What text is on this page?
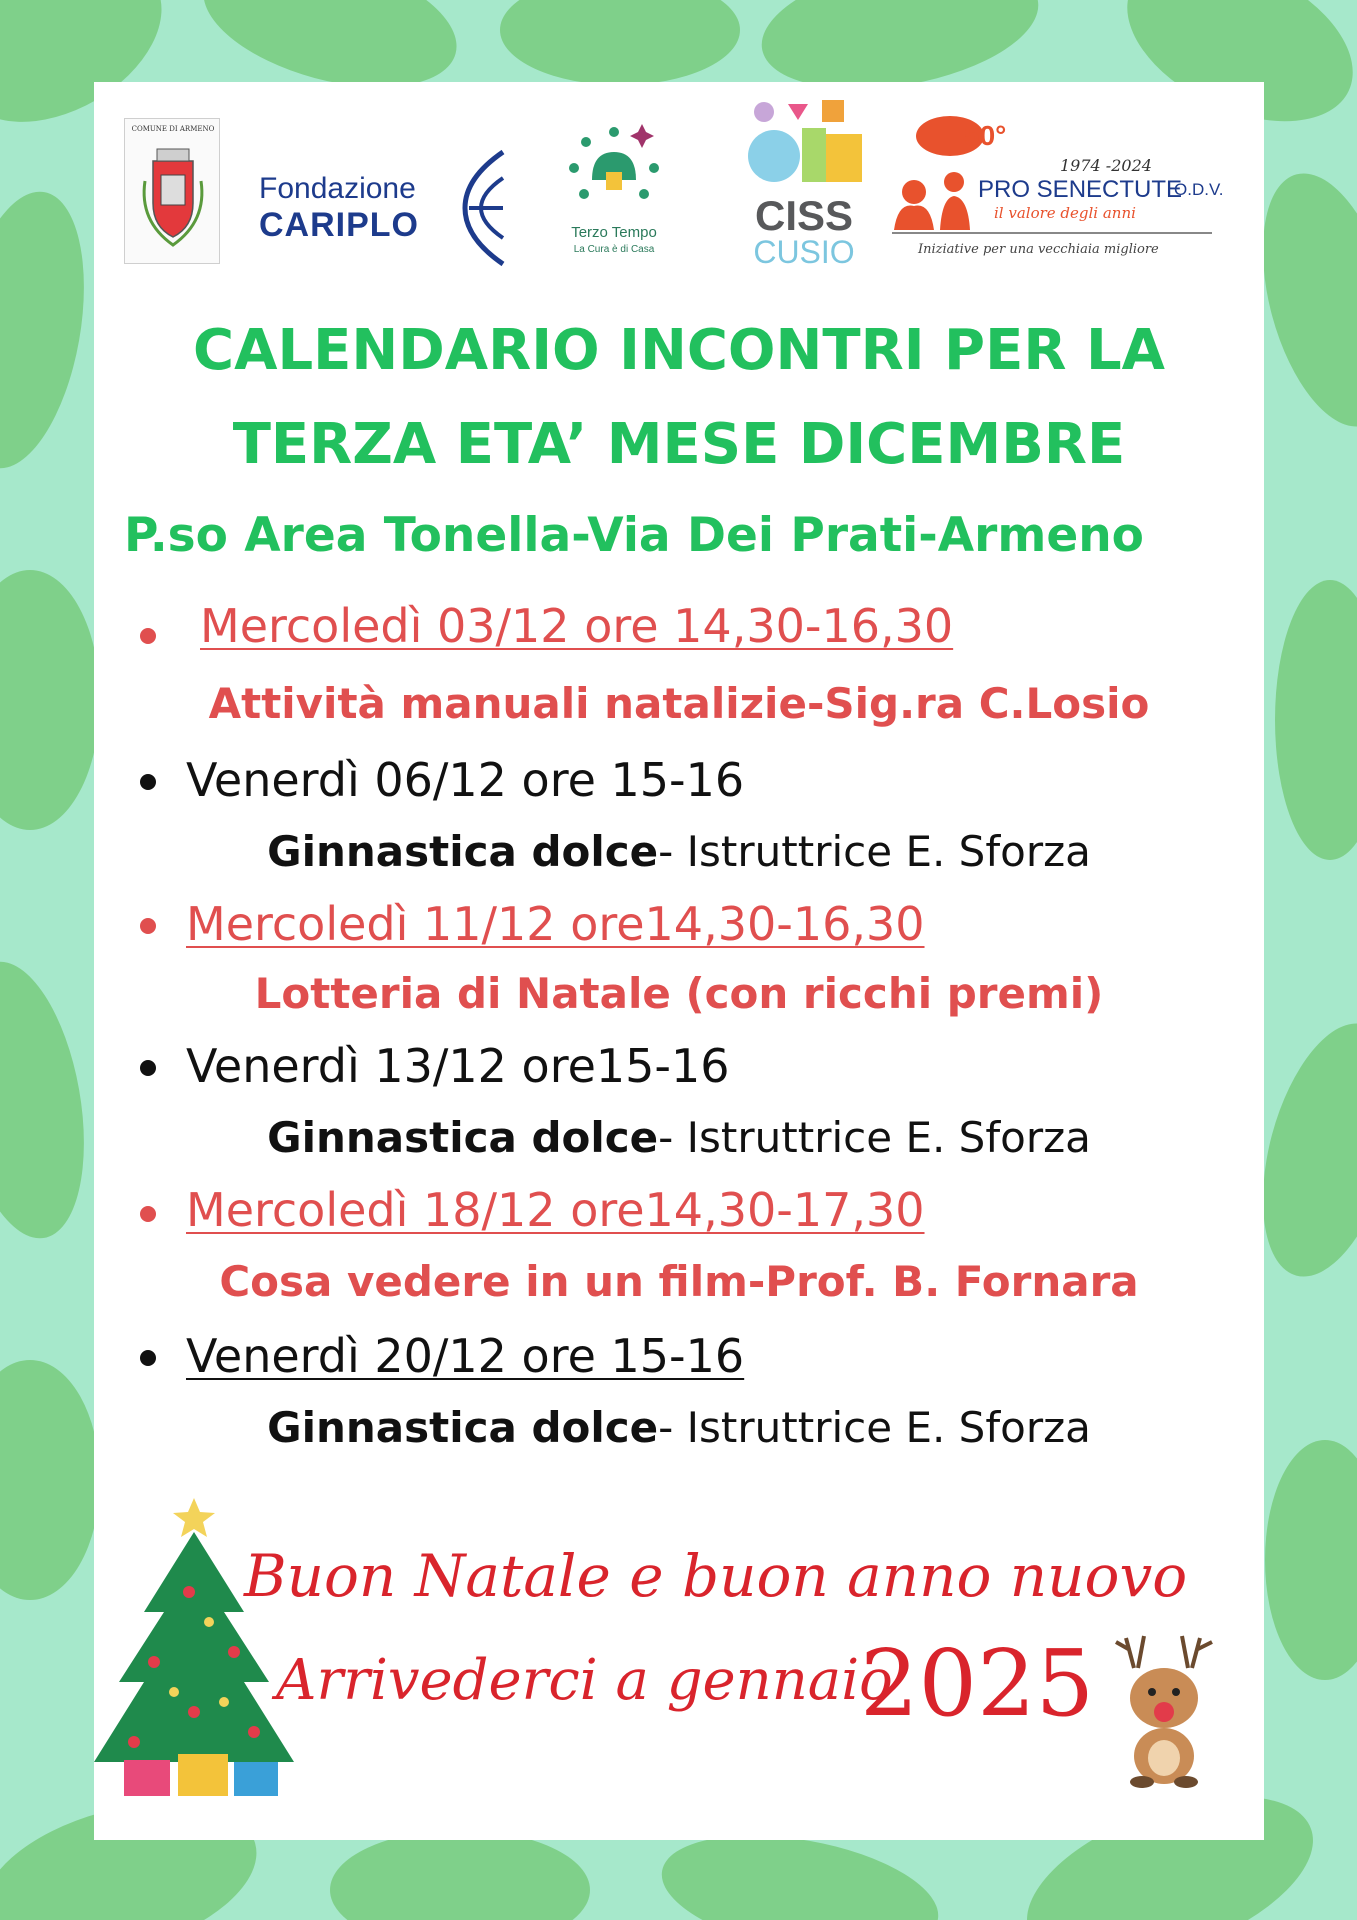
COMUNE DI ARMENO
Fondazione
CARIPLO	Terzo Tempo
La Cura è di Casa
CISS
CUSIO
50°
1974 -2024
PRO SENECTUTE
O.D.V.
il valore degli anni
Iniziative per una vecchiaia migliore
CALENDARIO INCONTRI PER LA
TERZA ETA’ MESE DICEMBRE
P.so Area Tonella-Via Dei Prati-Armeno
Mercoledì 03/12 ore 14,30-16,30
Attività manuali natalizie-Sig.ra C.Losio
Venerdì 06/12 ore 15-16
Ginnastica dolce- Istruttrice E. Sforza
Mercoledì 11/12 ore14,30-16,30
Lotteria di Natale (con ricchi premi)
Venerdì 13/12 ore15-16
Ginnastica dolce- Istruttrice E. Sforza
Mercoledì 18/12 ore14,30-17,30
Cosa vedere in un film-Prof. B. Fornara
Venerdì 20/12 ore 15-16
Ginnastica dolce- Istruttrice E. Sforza
Buon Natale e buon anno nuovo
Arrivederci a gennaio
2025
